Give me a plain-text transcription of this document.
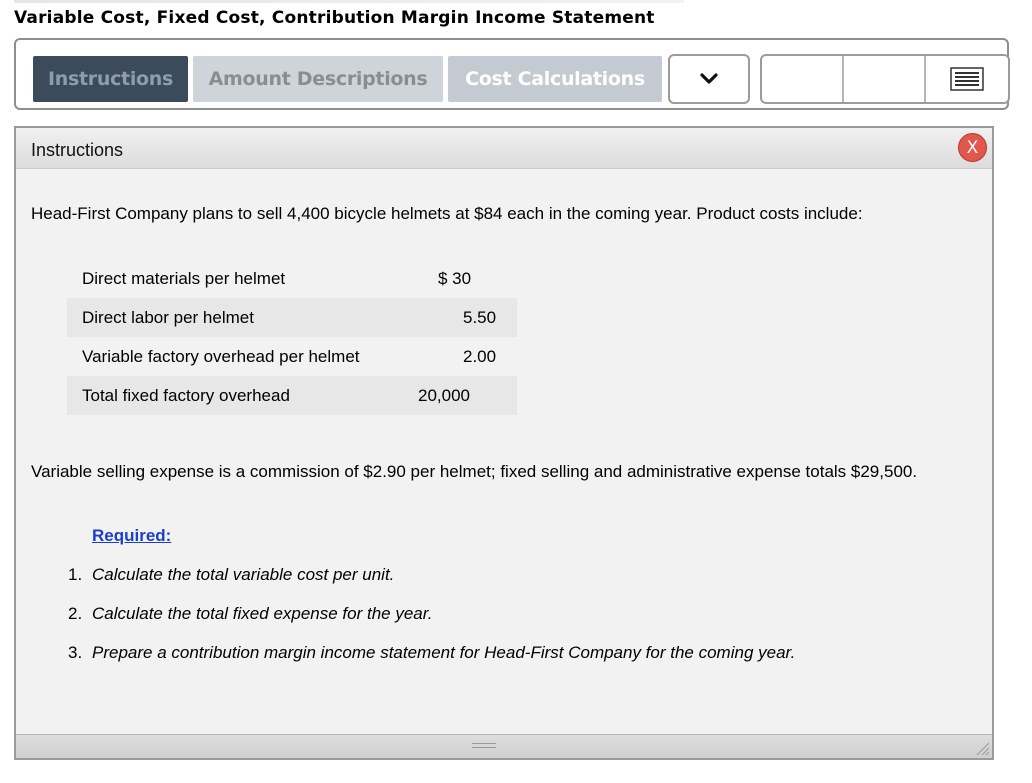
Variable Cost, Fixed Cost, Contribution Margin Income Statement
Instructions	Amount Descriptions	Cost Calculations
Instructions	X
Head-First Company plans to sell 4,400 bicycle helmets at $84 each in the coming year. Product costs include:
Direct materials per helmet	$ 30
Direct labor per helmet	5.50
Variable factory overhead per helmet	2.00
Total fixed factory overhead	20,000
Variable selling expense is a commission of $2.90 per helmet; fixed selling and administrative expense totals $29,500.
Required:
1. Calculate the total variable cost per unit.
2. Calculate the total fixed expense for the year.
3. Prepare a contribution margin income statement for Head-First Company for the coming year.
